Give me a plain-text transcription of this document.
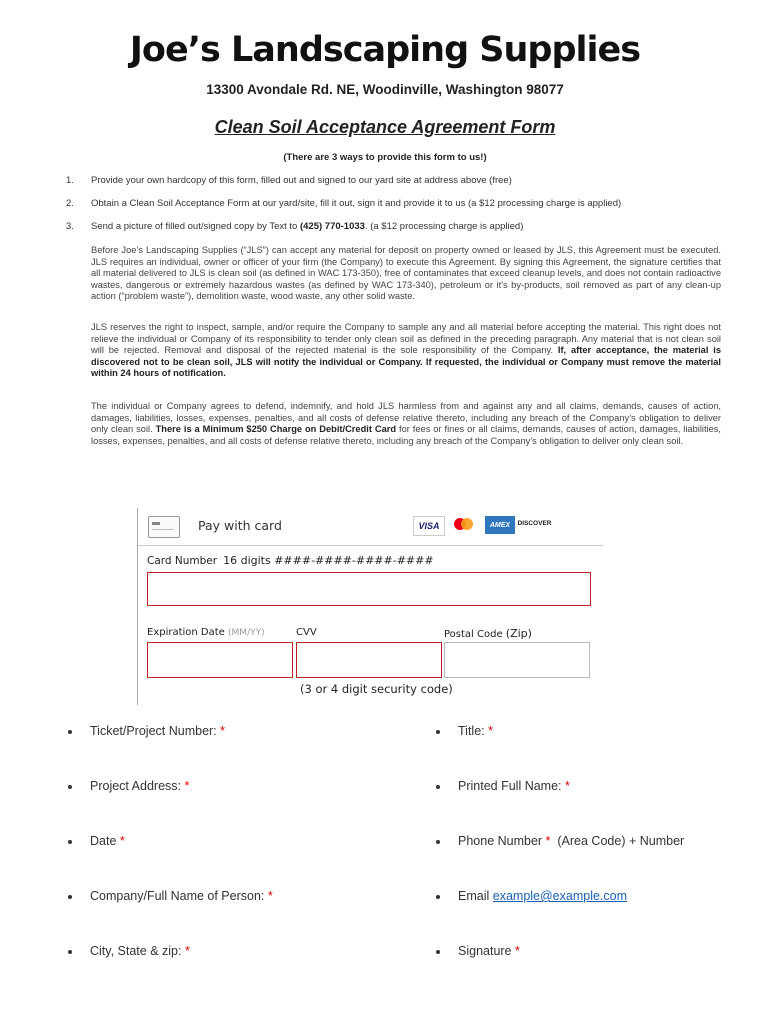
Joe’s Landscaping Supplies
13300 Avondale Rd. NE, Woodinville, Washington 98077
Clean Soil Acceptance Agreement Form
(There are 3 ways to provide this form to us!)
1. Provide your own hardcopy of this form, filled out and signed to our yard site at address above (free)
2. Obtain a Clean Soil Acceptance Form at our yard/site, fill it out, sign it and provide it to us (a $12 processing charge is applied)
3. Send a picture of filled out/signed copy by Text to (425) 770-1033. (a $12 processing charge is applied)
Before Joe’s Landscaping Supplies (“JLS”) can accept any material for deposit on property owned or leased by JLS, this Agreement must be executed. JLS requires an individual, owner or officer of your firm (the Company) to execute this Agreement. By signing this Agreement, the signature certifies that all material delivered to JLS is clean soil (as defined in WAC 173-350), free of contaminates that exceed cleanup levels, and does not contain radioactive wastes, dangerous or extremely hazardous wastes (as defined by WAC 173-340), petroleum or it’s by-products, soil removed as part of any clean-up action (“problem waste”), demolition waste, wood waste, any other solid waste.
JLS reserves the right to inspect, sample, and/or require the Company to sample any and all material before accepting the material. This right does not relieve the individual or Company of its responsibility to tender only clean soil as defined in the preceding paragraph. Any material that is not clean soil will be rejected. Removal and disposal of the rejected material is the sole responsibility of the Company. If, after acceptance, the material is discovered not to be clean soil, JLS will notify the individual or Company. If requested, the individual or Company must remove the material within 24 hours of notification.
The individual or Company agrees to defend, indemnify, and hold JLS harmless from and against any and all claims, demands, causes of action, damages, liabilities, losses, expenses, penalties, and all costs of defense relative thereto, including any breach of the Company’s obligation to deliver only clean soil. There is a Minimum $250 Charge on Debit/Credit Card for fees or fines or all claims, demands, causes of action, damages, liabilities, losses, expenses, penalties, and all costs of defense relative thereto, including any breach of the Company’s obligation to deliver only clean soil.
Pay with card	VISA	AMEX	DISCOVER
Card Number 16 digits ####-####-####-####
Expiration Date (MM/YY)	CVV	Postal Code (Zip)
(3 or 4 digit security code)
Ticket/Project Number: *	Title: *
Project Address: *	Printed Full Name: *
Date *	Phone Number * (Area Code) + Number
Company/Full Name of Person: *	Email example@example.com
City, State & zip: *	Signature *
